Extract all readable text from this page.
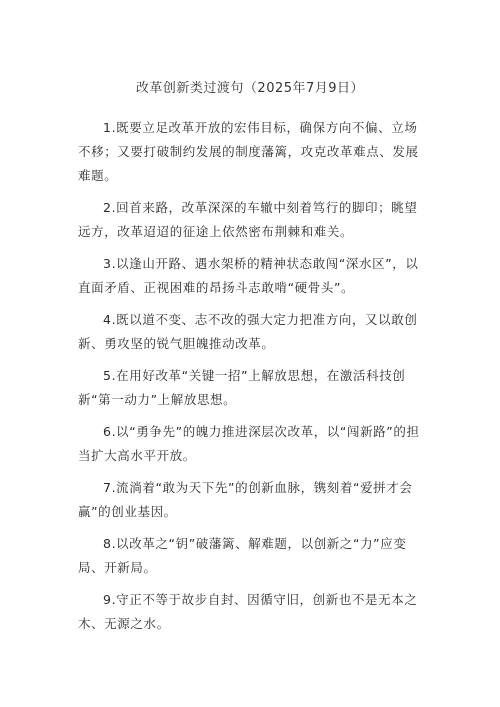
改革创新类过渡句（2025年7月9日）

1.既要立足改革开放的宏伟目标，确保方向不偏、立场不移；又要打破制约发展的制度藩篱，攻克改革难点、发展难题。

2.回首来路，改革深深的车辙中刻着笃行的脚印；眺望远方，改革迢迢的征途上依然密布荆棘和难关。

3.以逢山开路、遇水架桥的精神状态敢闯“深水区”，以直面矛盾、正视困难的昂扬斗志敢啃“硬骨头”。

4.既以道不变、志不改的强大定力把准方向，又以敢创新、勇攻坚的锐气胆魄推动改革。

5.在用好改革“关键一招”上解放思想，在激活科技创新“第一动力”上解放思想。

6.以“勇争先”的魄力推进深层次改革，以“闯新路”的担当扩大高水平开放。

7.流淌着“敢为天下先”的创新血脉，镌刻着“爱拼才会赢”的创业基因。

8.以改革之“钥”破藩篱、解难题，以创新之“力”应变局、开新局。

9.守正不等于故步自封、因循守旧，创新也不是无本之木、无源之水。
